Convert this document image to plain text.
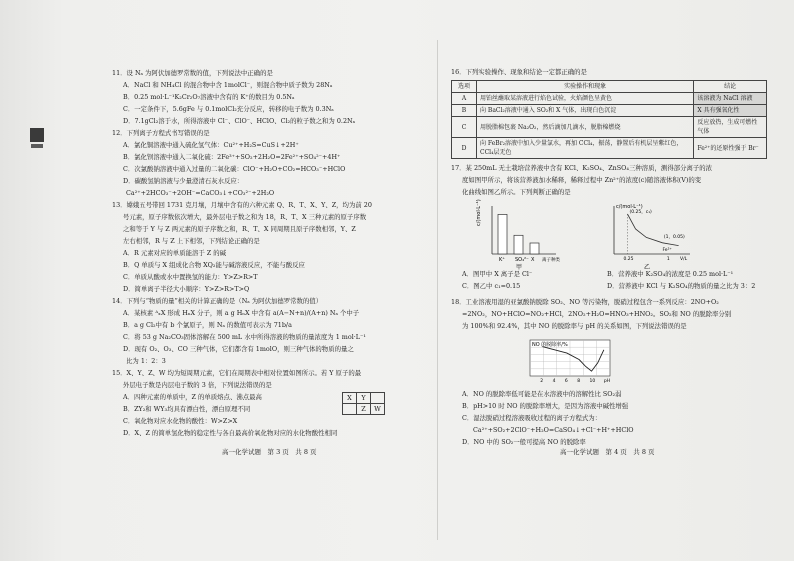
11．设 Nₐ 为阿伏加德罗常数的值，下列说法中正确的是
A．NaCl 和 NH₄Cl 的混合物中含 1molCl⁻，则混合物中质子数为 28Nₐ
B．0.25 mol·L⁻¹K₂Cr₂O₇溶液中含有的 K⁺的数目为 0.5Nₐ
C．一定条件下，5.6gFe 与 0.1molCl₂充分反应，转移的电子数为 0.3Nₐ
D．7.1gCl₂溶于水，所得溶液中 Cl⁻、ClO⁻、HClO、Cl₂的粒子数之和为 0.2Nₐ
12．下列离子方程式书写错误的是
A．氯化铜溶液中通入硫化氢气体：Cu²⁺+H₂S=CuS↓+2H⁺
B．氯化钡溶液中通入二氧化硫：2Fe³⁺+SO₂+2H₂O=2Fe²⁺+SO₄²⁻+4H⁺
C．次氯酸钠溶液中通入过量的二氧化碳：ClO⁻+H₂O+CO₂=HCO₃⁻+HClO
D．碳酸氢钠溶液与少量澄清石灰水反应：
Ca²⁺+2HCO₃⁻+2OH⁻=CaCO₃↓+CO₃²⁻+2H₂O
13．嫦娥五号带回 1731 克月壤，月壤中含有的六种元素 Q、R、T、X、Y、Z，均为前 20
号元素，原子序数依次增大，最外层电子数之和为 18，R、T、X 三种元素的原子序数
之和等于 Y 与 Z 两元素的原子序数之和，R、T、X 同周期且原子序数相邻，Y、Z
左右相邻，R 与 Z 上下相邻，下列结论正确的是
A．R 元素对应的单质能溶于 Z 的碱
B．Q 单质与 X 组成化合物 XQ₂能与碱溶液反应，不能与酸反应
C．单质从酸或水中置换氢的能力：Y>Z>R>T
D．简单离子半径大小顺序：Y>Z>R>T>Q
14．下列与“物质的量”相关的计算正确的是（Nₐ 为阿伏加德罗常数的值）
A．某核素 ᴬₓX 形成 HₙX 分子，则 a g HₙX 中含有 a(A−N+n)/(A+n) Nₐ 个中子
B．a g Cl₂中有 b 个氯原子，则 Nₐ 的数值可表示为 71b/a
C．将 53 g Na₂CO₃固体溶解在 500 mL 水中所得溶液的物质的量浓度为 1 mol·L⁻¹
D．现有 O₂、O₃、CO 三种气体，它们都含有 1molO，则三种气体的物质的量之
比为 1：2：3
15．X、Y、Z、W 均为短周期元素，它们在周期表中相对位置如图所示。若 Y 原子的最
外层电子数是内层电子数的 3 倍，下列说法错误的是
A．四种元素的单质中，Z 的单质熔点、沸点最高
B．ZY₂和 WY₃均具有漂白性，漂白原理不同
C．氧化物对应水化物的酸性：W>Z>X
D．X、Z 的简单氢化物的稳定性与各自最高价氧化物对应的水化物酸性相同
X	Y	
	Z	W
高一化学试题　第 3 页　共 8 页
16．下列实验操作、现象和结论一定都正确的是
选项	实验操作和现象	结论
A	用铂丝蘸取某溶液进行焰色试验，火焰颜色呈黄色	该溶液为 NaCl 溶液
B	向 BaCl₂溶液中通入 SO₂和 X 气体，出现白色沉淀	X 具有强氧化性
C	用脱脂棉包裹 Na₂O₂，然后滴加几滴水，脱脂棉燃烧	反应放热，生成可燃性气体
D	向 FeBr₂溶液中加入少量氯水，再加 CCl₄，振荡，静置后有机层呈紫红色，CCl₄层无色	Fe²⁺的还原性强于 Br⁻
17．某 250mL 无土栽培营养液中含有 KCl、K₂SO₄、ZnSO₄三种溶质，测得部分离子的浓
度如图甲所示，将该营养液加水稀释，稀释过程中 Zn²⁺的浓度(c)随溶液体积(V)的变
化曲线如图乙所示。下列判断正确的是
c/(mol·L⁻¹)
K⁺ SO₄²⁻ X 离子种类
甲
c/(mol·L⁻¹)
(0.25，c₁)
(1，0.05)
Fe²⁺
0.25	1 V/L
乙
A．图甲中 X 离子是 Cl⁻	B．营养液中 K₂SO₄的浓度是 0.25 mol·L⁻¹
C．图乙中 c₁=0.15	D．营养液中 KCl 与 K₂SO₄的物质的量之比为 3：2
18．工业溶液用湿的亚氯酸钠脱除 SO₂、NO 等污染物，脱硝过程包含一系列反应：2NO+O₂
=2NO₂，NO+HClO=NO₂+HCl，2NO₂+H₂O=HNO₃+HNO₂。SO₂和 NO 的脱除率分别
为 100%和 92.4%，其中 NO 的脱除率与 pH 的关系如图，下列说法错误的是
NO 的脱除率/%
2 4 6 8 10 pH
A．NO 的脱除率低可能是在水溶液中的溶解性比 SO₂弱
B．pH>10 时 NO 的脱除率增大，是因为溶液中碱性增强
C．湿法脱硝过程溶液吸收过程的离子方程式为：
Ca²⁺+SO₂+2ClO⁻+H₂O=CaSO₄↓+Cl⁻+H⁺+HClO
D．NO 中的 SO₂一般可提高 NO 的脱除率
高一化学试题　第 4 页　共 8 页
